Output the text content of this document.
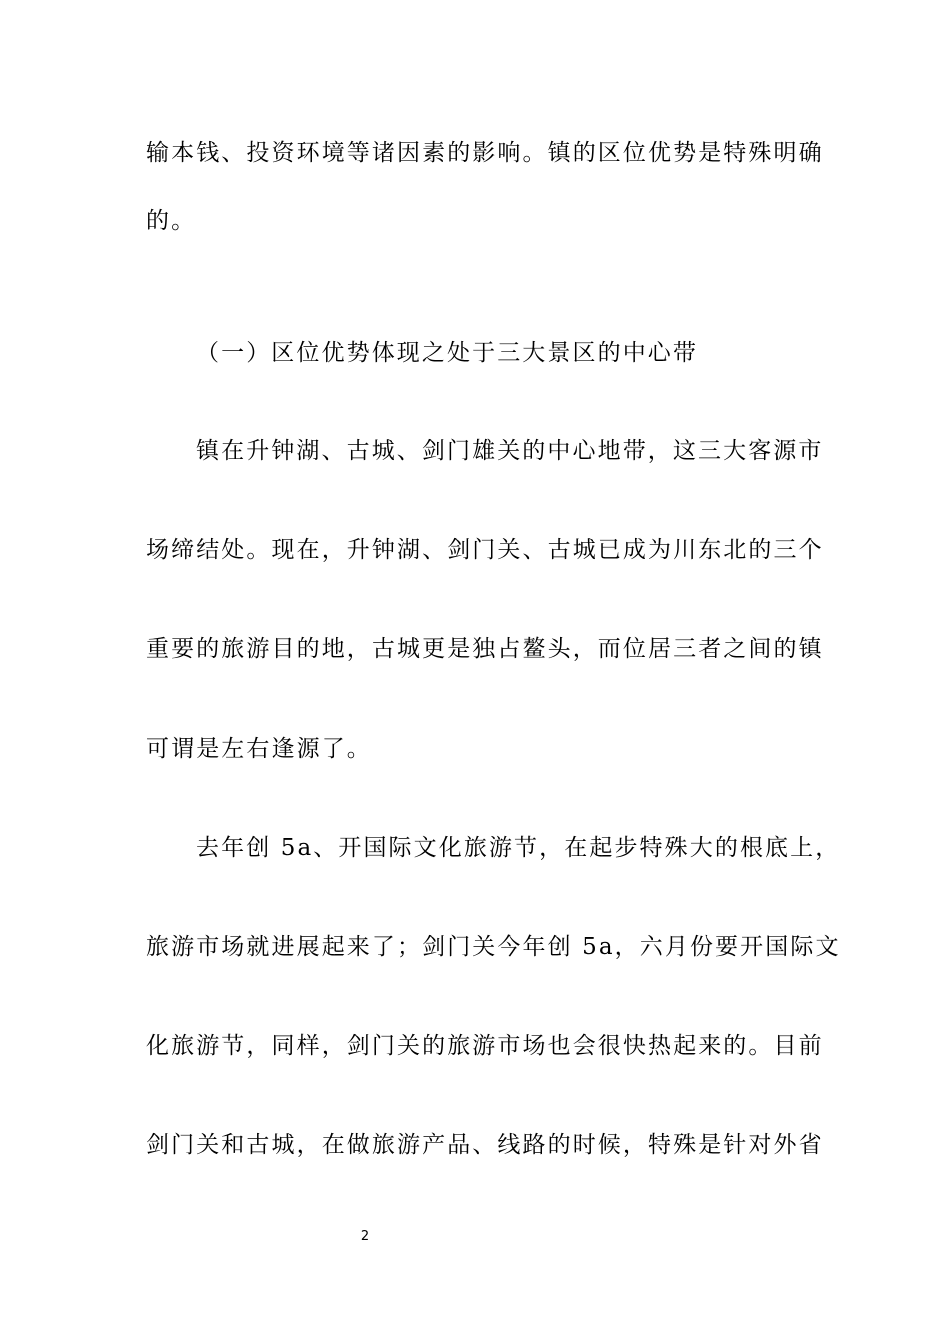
输本钱、投资环境等诸因素的影响。镇的区位优势是特殊明确
的。
（一）区位优势体现之处于三大景区的中心带
镇在升钟湖、古城、剑门雄关的中心地带，这三大客源市
场缔结处。现在，升钟湖、剑门关、古城已成为川东北的三个
重要的旅游目的地，古城更是独占鳌头，而位居三者之间的镇
可谓是左右逢源了。
去年创 5a、开国际文化旅游节，在起步特殊大的根底上，
旅游市场就进展起来了；剑门关今年创 5a，六月份要开国际文
化旅游节，同样，剑门关的旅游市场也会很快热起来的。目前
剑门关和古城，在做旅游产品、线路的时候，特殊是针对外省
2
